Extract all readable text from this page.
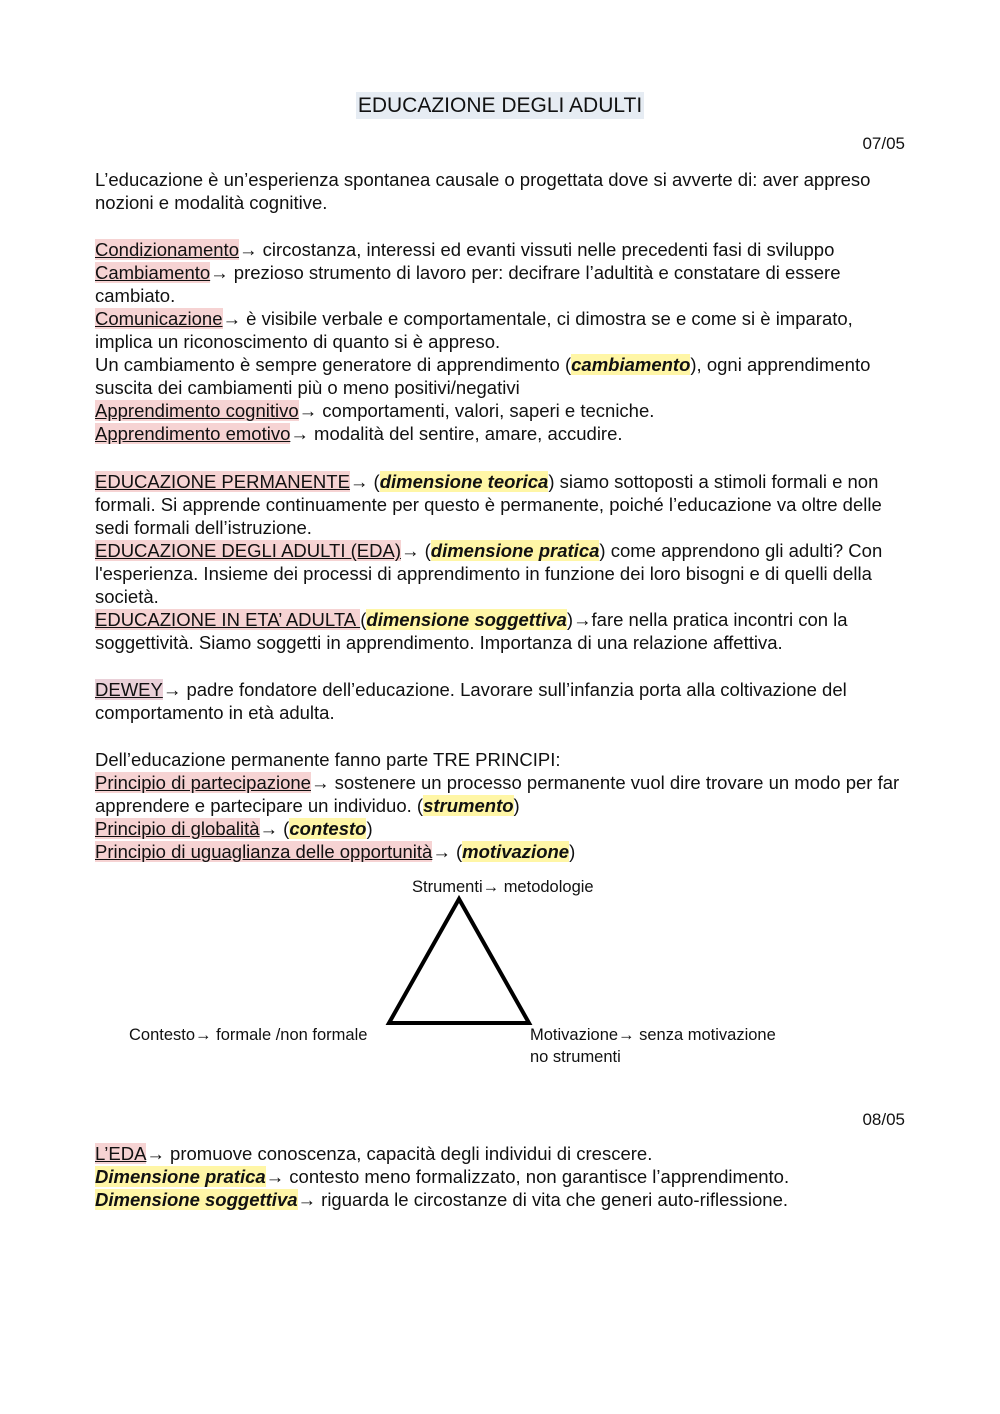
EDUCAZIONE DEGLI ADULTI
07/05

L’educazione è un’esperienza spontanea causale o progettata dove si avverte di: aver appreso nozioni e modalità cognitive.

Condizionamento→ circostanza, interessi ed evanti vissuti nelle precedenti fasi di sviluppo

Cambiamento→ prezioso strumento di lavoro per: decifrare l’adultità e constatare di essere cambiato.

Comunicazione→ è visibile verbale e comportamentale, ci dimostra se e come si è imparato, implica un riconoscimento di quanto si è appreso.

Un cambiamento è sempre generatore di apprendimento (cambiamento), ogni apprendimento suscita dei cambiamenti più o meno positivi/negativi

Apprendimento cognitivo→ comportamenti, valori, saperi e tecniche.

Apprendimento emotivo→ modalità del sentire, amare, accudire.

EDUCAZIONE PERMANENTE→ (dimensione teorica) siamo sottoposti a stimoli formali e non formali. Si apprende continuamente per questo è permanente, poiché l’educazione va oltre delle sedi formali dell’istruzione.

EDUCAZIONE DEGLI ADULTI (EDA)→ (dimensione pratica) come apprendono gli adulti? Con l'esperienza. Insieme dei processi di apprendimento in funzione dei loro bisogni e di quelli della società.

EDUCAZIONE IN ETA’ ADULTA (dimensione soggettiva)→fare nella pratica incontri con la soggettività. Siamo soggetti in apprendimento. Importanza di una relazione affettiva.

DEWEY→ padre fondatore dell’educazione. Lavorare sull’infanzia porta alla coltivazione del comportamento in età adulta.

Dell’educazione permanente fanno parte TRE PRINCIPI:

Principio di partecipazione→ sostenere un processo permanente vuol dire trovare un modo per far apprendere e partecipare un individuo. (strumento)

Principio di globalità→ (contesto)

Principio di uguaglianza delle opportunità→ (motivazione)

Strumenti→ metodologie
Contesto→ formale /non formale	Motivazione→ senza motivazione
no strumenti
08/05

L’EDA→ promuove conoscenza, capacità degli individui di crescere.

Dimensione pratica→ contesto meno formalizzato, non garantisce l’apprendimento.

Dimensione soggettiva→ riguarda le circostanze di vita che generi auto-riflessione.
